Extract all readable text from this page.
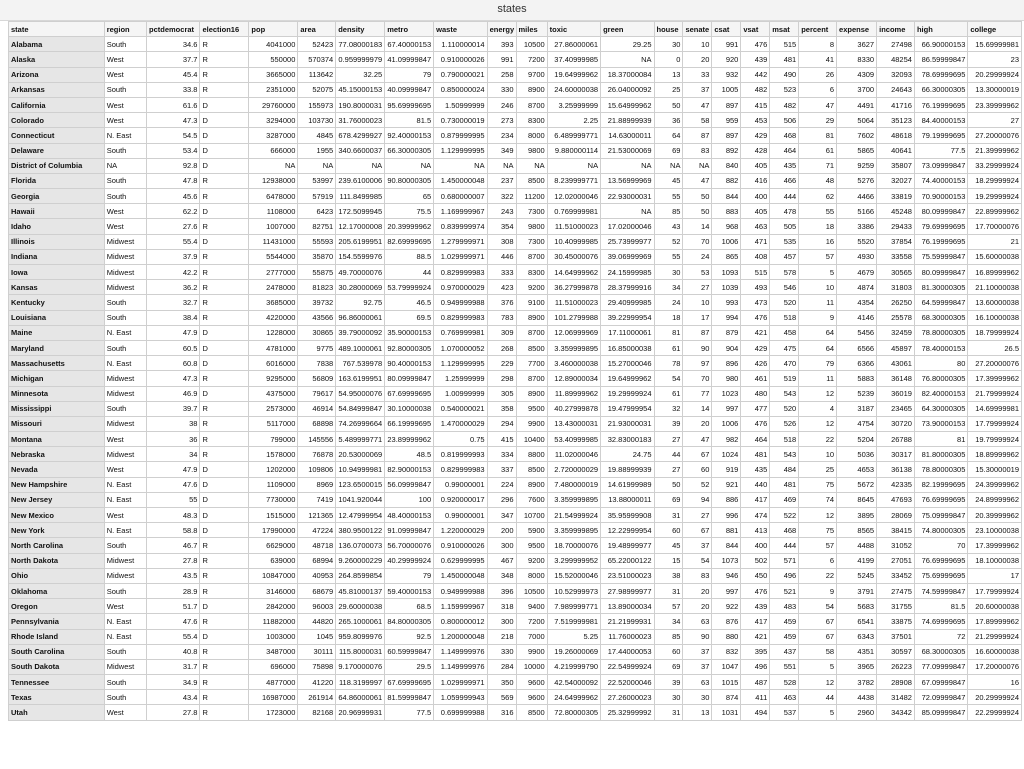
states
state	region	pctdemocrat	election16	pop	area	density	metro	waste	energy	miles	toxic	green	house	senate	csat	vsat	msat	percent	expense	income	high	college
Alabama	South	34.6	R	4041000	52423	77.08000183	67.40000153	1.110000014	393	10500	27.86000061	29.25	30	10	991	476	515	8	3627	27498	66.90000153	15.69999981
Alaska	West	37.7	R	550000	570374	0.959999979	41.09999847	0.910000026	991	7200	37.40999985	NA	0	20	920	439	481	41	8330	48254	86.59999847	23
Arizona	West	45.4	R	3665000	113642	32.25	79	0.790000021	258	9700	19.64999962	18.37000084	13	33	932	442	490	26	4309	32093	78.69999695	20.29999924
Arkansas	South	33.8	R	2351000	52075	45.15000153	40.09999847	0.850000024	330	8900	24.60000038	26.04000092	25	37	1005	482	523	6	3700	24643	66.30000305	13.30000019
California	West	61.6	D	29760000	155973	190.8000031	95.69999695	1.50999999	246	8700	3.25999999	15.64999962	50	47	897	415	482	47	4491	41716	76.19999695	23.39999962
Colorado	West	47.3	D	3294000	103730	31.76000023	81.5	0.730000019	273	8300	2.25	21.88999939	36	58	959	453	506	29	5064	35123	84.40000153	27
Connecticut	N. East	54.5	D	3287000	4845	678.4299927	92.40000153	0.879999995	234	8000	6.489999771	14.63000011	64	87	897	429	468	81	7602	48618	79.19999695	27.20000076
Delaware	South	53.4	D	666000	1955	340.6600037	66.30000305	1.129999995	349	9800	9.880000114	21.53000069	69	83	892	428	464	61	5865	40641	77.5	21.39999962
District of Columbia	NA	92.8	D	NA	NA	NA	NA	NA	NA	NA	NA	NA	NA	NA	840	405	435	71	9259	35807	73.09999847	33.29999924
Florida	South	47.8	R	12938000	53997	239.6100006	90.80000305	1.450000048	237	8500	8.239999771	13.56999969	45	47	882	416	466	48	5276	32027	74.40000153	18.29999924
Georgia	South	45.6	R	6478000	57919	111.8499985	65	0.680000007	322	11200	12.02000046	22.93000031	55	50	844	400	444	62	4466	33819	70.90000153	19.29999924
Hawaii	West	62.2	D	1108000	6423	172.5099945	75.5	1.169999967	243	7300	0.769999981	NA	85	50	883	405	478	55	5166	45248	80.09999847	22.89999962
Idaho	West	27.6	R	1007000	82751	12.17000008	20.39999962	0.839999974	354	9800	11.51000023	17.02000046	43	14	968	463	505	18	3386	29433	79.69999695	17.70000076
Illinois	Midwest	55.4	D	11431000	55593	205.6199951	82.69999695	1.279999971	308	7300	10.40999985	25.73999977	52	70	1006	471	535	16	5520	37854	76.19999695	21
Indiana	Midwest	37.9	R	5544000	35870	154.5599976	88.5	1.029999971	446	8700	30.45000076	39.06999969	55	24	865	408	457	57	4930	33558	75.59999847	15.60000038
Iowa	Midwest	42.2	R	2777000	55875	49.70000076	44	0.829999983	333	8300	14.64999962	24.15999985	30	53	1093	515	578	5	4679	30565	80.09999847	16.89999962
Kansas	Midwest	36.2	R	2478000	81823	30.28000069	53.79999924	0.970000029	423	9200	36.27999878	28.37999916	34	27	1039	493	546	10	4874	31803	81.30000305	21.10000038
Kentucky	South	32.7	R	3685000	39732	92.75	46.5	0.949999988	376	9100	11.51000023	29.40999985	24	10	993	473	520	11	4354	26250	64.59999847	13.60000038
Louisiana	South	38.4	R	4220000	43566	96.86000061	69.5	0.829999983	783	8900	101.2799988	39.22999954	18	17	994	476	518	9	4146	25578	68.30000305	16.10000038
Maine	N. East	47.9	D	1228000	30865	39.79000092	35.90000153	0.769999981	309	8700	12.06999969	17.11000061	81	87	879	421	458	64	5456	32459	78.80000305	18.79999924
Maryland	South	60.5	D	4781000	9775	489.1000061	92.80000305	1.070000052	268	8500	3.359999895	16.85000038	61	90	904	429	475	64	6566	45897	78.40000153	26.5
Massachusetts	N. East	60.8	D	6016000	7838	767.539978	90.40000153	1.129999995	229	7700	3.460000038	15.27000046	78	97	896	426	470	79	6366	43061	80	27.20000076
Michigan	Midwest	47.3	R	9295000	56809	163.6199951	80.09999847	1.25999999	298	8700	12.89000034	19.64999962	54	70	980	461	519	11	5883	36148	76.80000305	17.39999962
Minnesota	Midwest	46.9	D	4375000	79617	54.95000076	67.69999695	1.00999999	305	8900	11.89999962	19.29999924	61	77	1023	480	543	12	5239	36019	82.40000153	21.79999924
Mississippi	South	39.7	R	2573000	46914	54.84999847	30.10000038	0.540000021	358	9500	40.27999878	19.47999954	32	14	997	477	520	4	3187	23465	64.30000305	14.69999981
Missouri	Midwest	38	R	5117000	68898	74.26999664	66.19999695	1.470000029	294	9900	13.43000031	21.93000031	39	20	1006	476	526	12	4754	30720	73.90000153	17.79999924
Montana	West	36	R	799000	145556	5.489999771	23.89999962	0.75	415	10400	53.40999985	32.83000183	27	47	982	464	518	22	5204	26788	81	19.79999924
Nebraska	Midwest	34	R	1578000	76878	20.53000069	48.5	0.819999993	334	8800	11.02000046	24.75	44	67	1024	481	543	10	5036	30317	81.80000305	18.89999962
Nevada	West	47.9	D	1202000	109806	10.94999981	82.90000153	0.829999983	337	8500	2.720000029	19.88999939	27	60	919	435	484	25	4653	36138	78.80000305	15.30000019
New Hampshire	N. East	47.6	D	1109000	8969	123.6500015	56.09999847	0.99000001	224	8900	7.480000019	14.61999989	50	52	921	440	481	75	5672	42335	82.19999695	24.39999962
New Jersey	N. East	55	D	7730000	7419	1041.920044	100	0.920000017	296	7600	3.359999895	13.88000011	69	94	886	417	469	74	8645	47693	76.69999695	24.89999962
New Mexico	West	48.3	D	1515000	121365	12.47999954	48.40000153	0.99000001	347	10700	21.54999924	35.95999908	31	27	996	474	522	12	3895	28069	75.09999847	20.39999962
New York	N. East	58.8	D	17990000	47224	380.9500122	91.09999847	1.220000029	200	5900	3.359999895	12.22999954	60	67	881	413	468	75	8565	38415	74.80000305	23.10000038
North Carolina	South	46.7	R	6629000	48718	136.0700073	56.70000076	0.910000026	300	9500	18.70000076	19.48999977	45	37	844	400	444	57	4488	31052	70	17.39999962
North Dakota	Midwest	27.8	R	639000	68994	9.260000229	40.29999924	0.629999995	467	9200	3.299999952	65.22000122	15	54	1073	502	571	6	4199	27051	76.69999695	18.10000038
Ohio	Midwest	43.5	R	10847000	40953	264.8599854	79	1.450000048	348	8000	15.52000046	23.51000023	38	83	946	450	496	22	5245	33452	75.69999695	17
Oklahoma	South	28.9	R	3146000	68679	45.81000137	59.40000153	0.949999988	396	10500	10.52999973	27.98999977	31	20	997	476	521	9	3791	27475	74.59999847	17.79999924
Oregon	West	51.7	D	2842000	96003	29.60000038	68.5	1.159999967	318	9400	7.989999771	13.89000034	57	20	922	439	483	54	5683	31755	81.5	20.60000038
Pennsylvania	N. East	47.6	R	11882000	44820	265.1000061	84.80000305	0.800000012	300	7200	7.519999981	21.21999931	34	63	876	417	459	67	6541	33875	74.69999695	17.89999962
Rhode Island	N. East	55.4	D	1003000	1045	959.8099976	92.5	1.200000048	218	7000	5.25	11.76000023	85	90	880	421	459	67	6343	37501	72	21.29999924
South Carolina	South	40.8	R	3487000	30111	115.8000031	60.59999847	1.149999976	330	9900	19.26000069	17.44000053	60	37	832	395	437	58	4351	30597	68.30000305	16.60000038
South Dakota	Midwest	31.7	R	696000	75898	9.170000076	29.5	1.149999976	284	10000	4.219999790	22.54999924	69	37	1047	496	551	5	3965	26223	77.09999847	17.20000076
Tennessee	South	34.9	R	4877000	41220	118.3199997	67.69999695	1.029999971	350	9600	42.54000092	22.52000046	39	63	1015	487	528	12	3782	28908	67.09999847	16
Texas	South	43.4	R	16987000	261914	64.86000061	81.59999847	1.059999943	569	9600	24.64999962	27.26000023	30	30	874	411	463	44	4438	31482	72.09999847	20.29999924
Utah	West	27.8	R	1723000	82168	20.96999931	77.5	0.699999988	316	8500	72.80000305	25.32999992	31	13	1031	494	537	5	2960	34342	85.09999847	22.29999924
